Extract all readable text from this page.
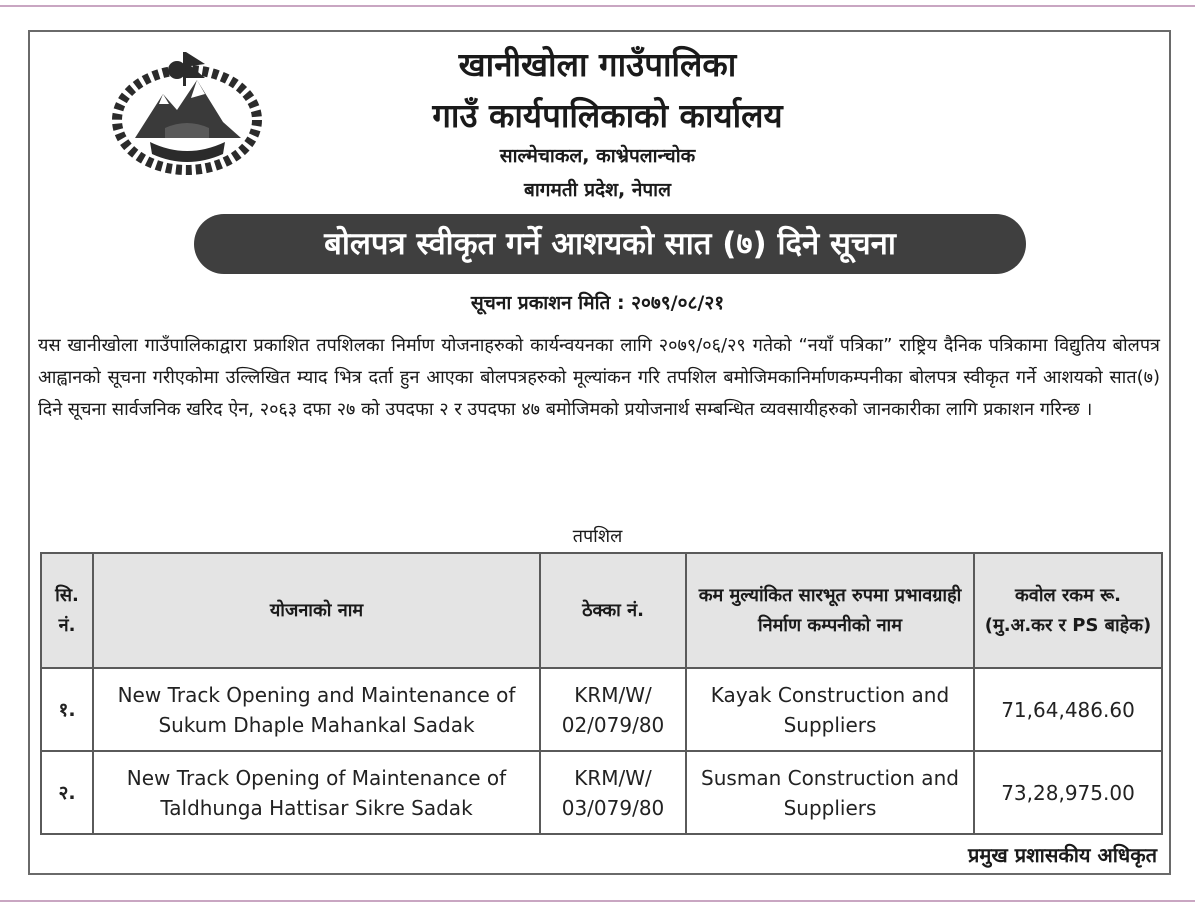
खानीखोला गाउँपालिका
गाउँ कार्यपालिकाको कार्यालय
साल्मेचाकल, काभ्रेपलान्चोक
बागमती प्रदेश, नेपाल
बोलपत्र स्वीकृत गर्ने आशयको सात (७) दिने सूचना
सूचना प्रकाशन मिति : २०७९/०८/२१

यस खानीखोला गाउँपालिकाद्वारा प्रकाशित तपशिलका निर्माण योजनाहरुको कार्यन्वयनका लागि २०७९/०६/२९ गतेको “नयाँ पत्रिका” राष्ट्रिय दैनिक पत्रिकामा विद्युतिय बोलपत्र आह्वानको सूचना गरीएकोमा उल्लिखित म्याद भित्र दर्ता हुन आएका बोलपत्रहरुको मूल्यांकन गरि तपशिल बमोजिमकानिर्माणकम्पनीका बोलपत्र स्वीकृत गर्ने आशयको सात(७) दिने सूचना सार्वजनिक खरिद ऐन, २०६३ दफा २७ को उपदफा २ र उपदफा ४७ बमोजिमको प्रयोजनार्थ सम्बन्धित व्यवसायीहरुको जानकारीका लागि प्रकाशन गरिन्छ ।

तपशिल
सि. नं.	योजनाको नाम	ठेक्का नं.	कम मुल्यांकित सारभूत रुपमा प्रभावग्राही निर्माण कम्पनीको नाम	कवोल रकम रू. (मु.अ.कर र PS बाहेक)
१.	New Track Opening and Maintenance of Sukum Dhaple Mahankal Sadak	KRM/W/ 02/079/80	Kayak Construction and Suppliers	71,64,486.60
२.	New Track Opening of Maintenance of Taldhunga Hattisar Sikre Sadak	KRM/W/ 03/079/80	Susman Construction and Suppliers	73,28,975.00
प्रमुख प्रशासकीय अधिकृत
